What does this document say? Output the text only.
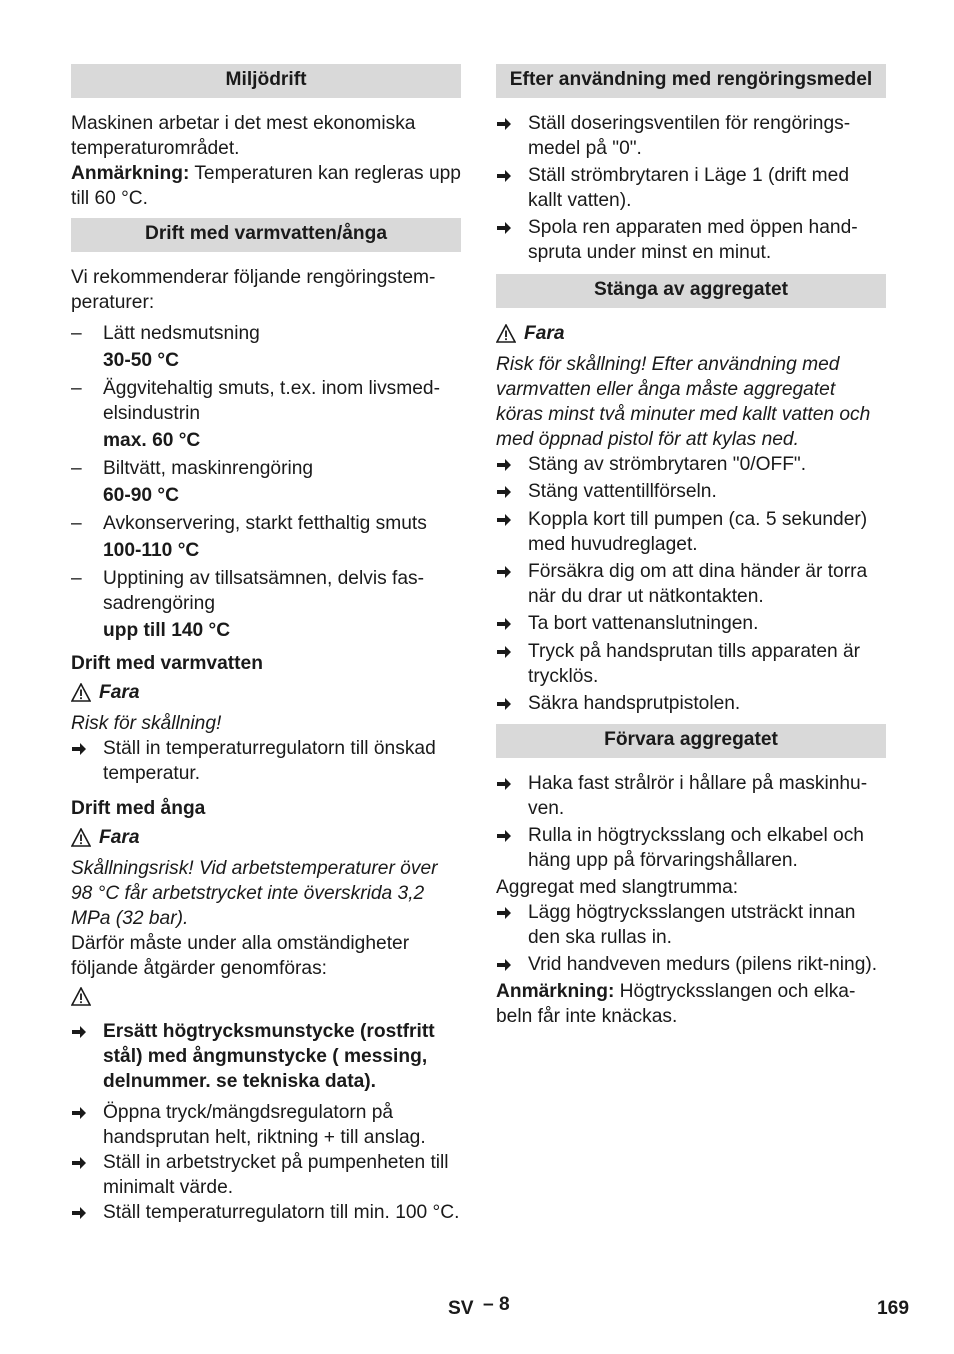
Miljödrift
Maskinen arbetar i det mest ekonomiska temperaturområdet.
Anmärkning: Temperaturen kan regleras upp till 60 °C.
Drift med varmvatten/ånga
Vi rekommenderar följande rengöringstem-peraturer:
–	Lätt nedsmutsning
30-50 °C
–	Äggvitehaltig smuts, t.ex. inom livsmed-elsindustrin
max. 60 °C
–	Biltvätt, maskinrengöring
60-90 °C
–	Avkonservering, starkt fetthaltig smuts
100-110 °C
–	Upptining av tillsatsämnen, delvis fas-sadrengöring
upp till 140 °C
Drift med varmvatten
Fara
Risk för skållning!
Ställ in temperaturregulatorn till önskad temperatur.
Drift med ånga
Fara
Skållningsrisk! Vid arbetstemperaturer över 98 °C får arbetstrycket inte överskrida 3,2 MPa (32 bar).
Därför måste under alla omständigheter följande åtgärder genomföras:
Ersätt högtrycksmunstycke (rostfritt stål) med ångmunstycke ( messing, delnummer. se tekniska data).
Öppna tryck/mängdsregulatorn på handsprutan helt, riktning + till anslag.
Ställ in arbetstrycket på pumpenheten till minimalt värde.
Ställ temperaturregulatorn till min. 100 °C.
Efter användning med rengöringsmedel
Ställ doseringsventilen för rengörings-medel på "0".
Ställ strömbrytaren i Läge 1 (drift med kallt vatten).
Spola ren apparaten med öppen hand-spruta under minst en minut.
Stänga av aggregatet
Fara
Risk för skållning! Efter användning med varmvatten eller ånga måste aggregatet köras minst två minuter med kallt vatten och med öppnad pistol för att kylas ned.
Stäng av strömbrytaren "0/OFF".
Stäng vattentillförseln.
Koppla kort till pumpen (ca. 5 sekunder) med huvudreglaget.
Försäkra dig om att dina händer är torra när du drar ut nätkontakten.
Ta bort vattenanslutningen.
Tryck på handsprutan tills apparaten är trycklös.
Säkra handsprutpistolen.
Förvara aggregatet
Haka fast strålrör i hållare på maskinhu-ven.
Rulla in högtrycksslang och elkabel och häng upp på förvaringshållaren.
Aggregat med slangtrumma:
Lägg högtrycksslangen utsträckt innan den ska rullas in.
Vrid handveven medurs (pilens rikt-ning).
Anmärkning: Högtrycksslangen och elka-beln får inte knäckas.
SV – 8	169
